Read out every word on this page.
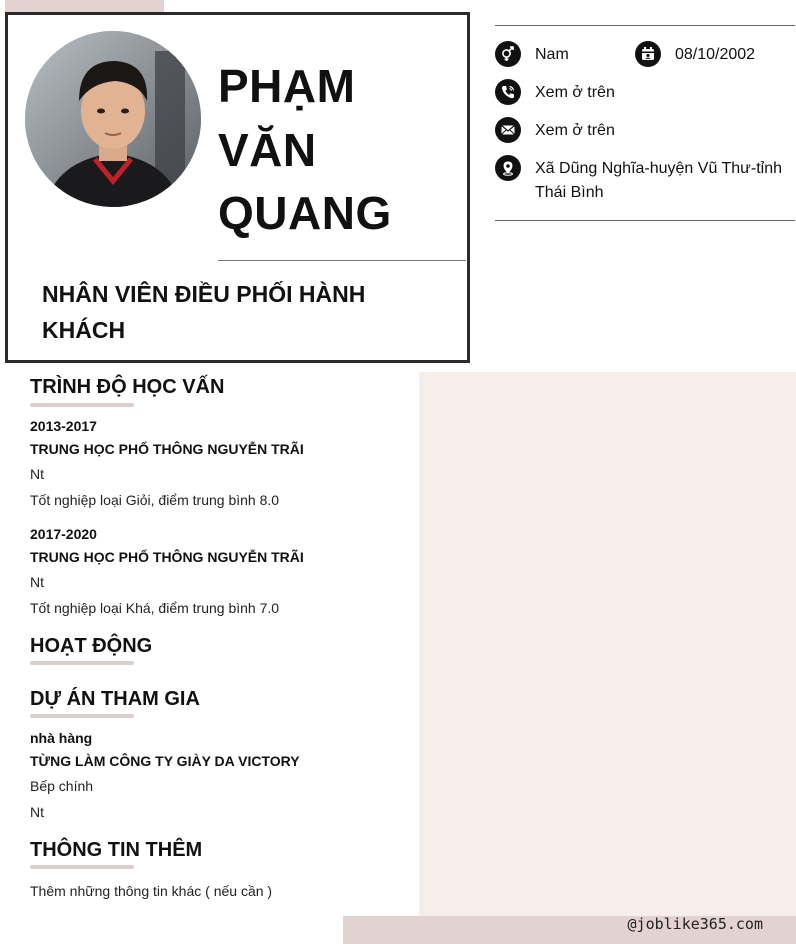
PHẠM
VĂN
QUANG
NHÂN VIÊN ĐIỀU PHỐI HÀNH KHÁCH
Nam	08/10/2002
Xem ở trên
Xem ở trên
Xã Dũng Nghĩa-huyện Vũ Thư-tỉnh Thái Bình
TRÌNH ĐỘ HỌC VẤN
2013-2017
TRUNG HỌC PHỔ THÔNG NGUYỄN TRÃI
Nt
Tốt nghiệp loại Giỏi, điểm trung bình 8.0
2017-2020
TRUNG HỌC PHỔ THÔNG NGUYỄN TRÃI
Nt
Tốt nghiệp loại Khá, điểm trung bình 7.0
HOẠT ĐỘNG
DỰ ÁN THAM GIA
nhà hàng
TỪNG LÀM CÔNG TY GIÀY DA VICTORY
Bếp chính
Nt
THÔNG TIN THÊM
Thêm những thông tin khác ( nếu cần )
@joblike365.com
